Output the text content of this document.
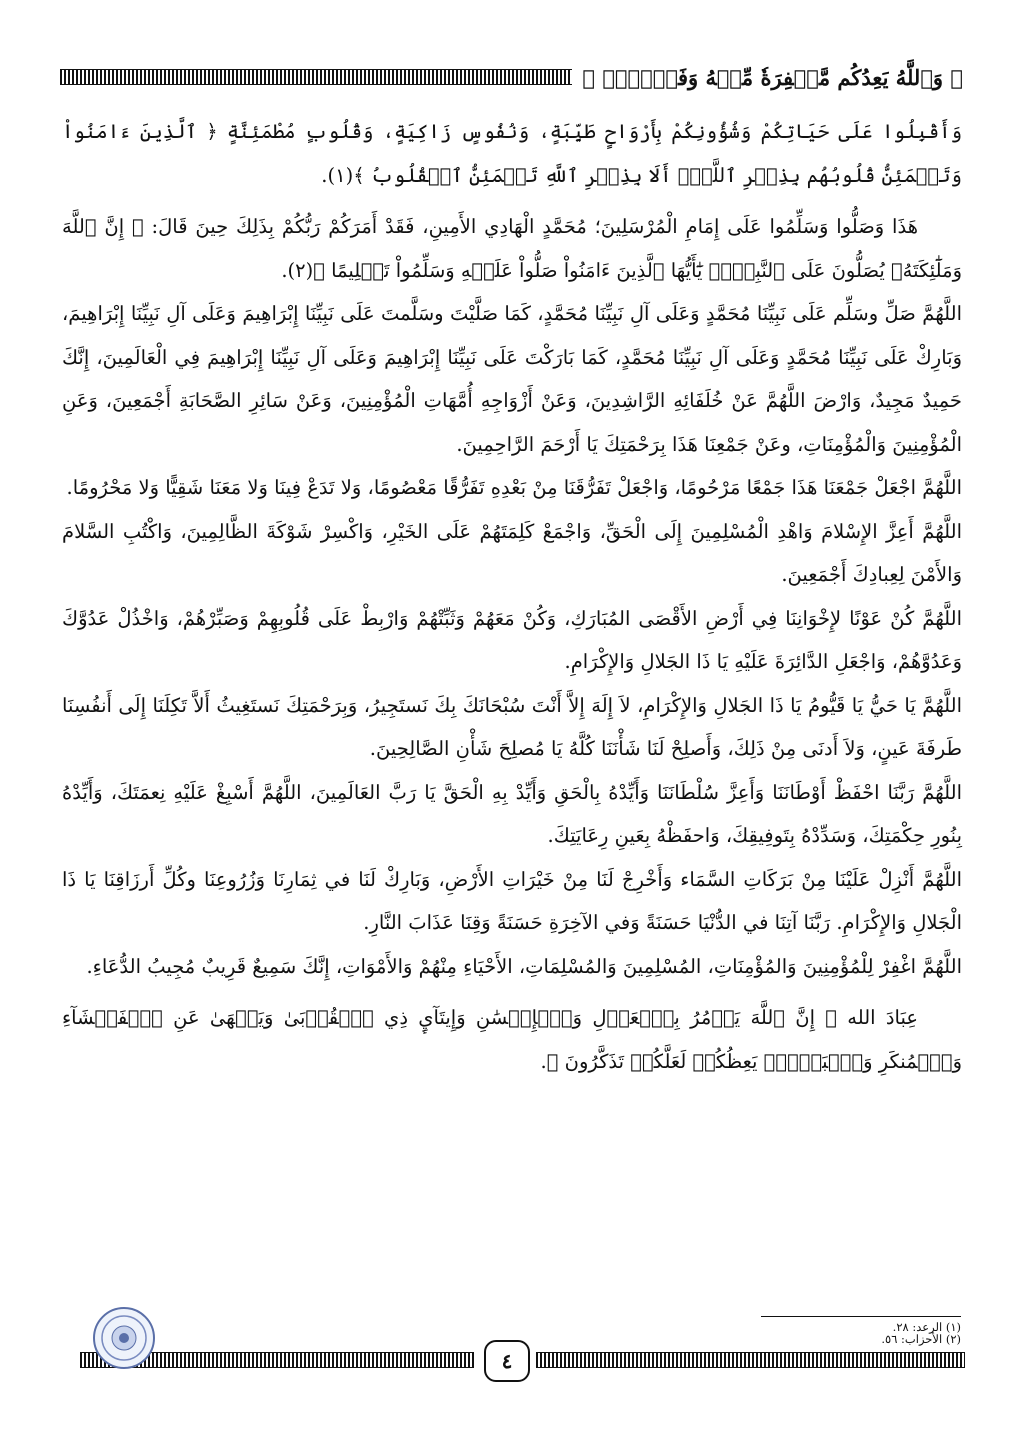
﴿ وَٱللَّهُ يَعِدُكُم مَّغۡفِرَةٗ مِّنۡهُ وَفَضۡلٗاۗ ﴾

وَأَقْبِلُوا عَلَى حَيَاتِكُمْ وَشُؤُونِكُمْ بِأَرْوَاحٍ طَيِّبَةٍ، وَنُفُوسٍ زَاكِيَةٍ، وَقُلُوبٍ مُطْمَئِنَّةٍ ﴿ ٱلَّذِينَ ءَامَنُواْ وَتَطۡمَئِنُّ قُلُوبُهُم بِذِكۡرِ ٱللَّهِۗ أَلَا بِذِكۡرِ ٱللَّهِ تَطۡمَئِنُّ ٱلۡقُلُوبُ ﴾(١).

هَذَا وَصَلُّوا وَسَلِّمُوا عَلَى إِمَامِ الْمُرْسَلِينَ؛ مُحَمَّدٍ الْهَادِي الأَمِينِ، فَقَدْ أَمَرَكُمْ رَبُّكُمْ بِذَلِكَ حِينَ قَالَ: ﴿ إِنَّ ٱللَّهَ وَمَلَٰٓئِكَتَهُۥ يُصَلُّونَ عَلَى ٱلنَّبِيِّۚ يَٰٓأَيُّهَا ٱلَّذِينَ ءَامَنُواْ صَلُّواْ عَلَيۡهِ وَسَلِّمُواْ تَسۡلِيمًا ﴾(٢).

اللَّهُمَّ صَلِّ وسَلِّم عَلَى نَبِيِّنَا مُحَمَّدٍ وَعَلَى آلِ نَبِيِّنَا مُحَمَّدٍ، كَمَا صَلَّيْتَ وسَلَّمتَ عَلَى نَبِيِّنَا إِبْرَاهِيمَ وَعَلَى آلِ نَبِيِّنَا إِبْرَاهِيمَ، وَبَارِكْ عَلَى نَبِيِّنَا مُحَمَّدٍ وَعَلَى آلِ نَبِيِّنَا مُحَمَّدٍ، كَمَا بَارَكْتَ عَلَى نَبِيِّنَا إِبْرَاهِيمَ وَعَلَى آلِ نَبِيِّنَا إِبْرَاهِيمَ فِي الْعَالَمِينَ، إِنَّكَ حَمِيدٌ مَجِيدٌ، وَارْضَ اللَّهُمَّ عَنْ خُلَفَائِهِ الرَّاشِدِينَ، وَعَنْ أَزْوَاجِهِ أُمَّهَاتِ الْمُؤْمِنِينَ، وَعَنْ سَائِرِ الصَّحَابَةِ أَجْمَعِينَ، وَعَنِ الْمُؤْمِنِينَ وَالْمُؤْمِنَاتِ، وعَنْ جَمْعِنَا هَذَا بِرَحْمَتِكَ يَا أَرْحَمَ الرَّاحِمِينَ.

اللَّهُمَّ اجْعَلْ جَمْعَنَا هَذَا جَمْعًا مَرْحُومًا، وَاجْعَلْ تَفَرُّقَنَا مِنْ بَعْدِهِ تَفَرُّقًا مَعْصُومًا، وَلا تَدَعْ فِينَا وَلا مَعَنَا شَقِيًّا وَلا مَحْرُومًا.

اللَّهُمَّ أَعِزَّ الإِسْلامَ وَاهْدِ الْمُسْلِمِينَ إِلَى الْحَقِّ، وَاجْمَعْ كَلِمَتَهُمْ عَلَى الخَيْرِ، وَاكْسِرْ شَوْكَةَ الظَّالِمِينَ، وَاكْتُبِ السَّلامَ وَالأَمْنَ لِعِبادِكَ أَجْمَعِينَ.

اللَّهُمَّ كُنْ عَوْنًا لإِخْوَانِنَا فِي أَرْضِ الأَقْصَى المُبَارَكِ، وَكُنْ مَعَهُمْ وَثَبِّتْهُمْ وَارْبِطْ عَلَى قُلُوبِهِمْ وَصَبِّرْهُمْ، وَاخْذُلْ عَدُوَّكَ وَعَدُوَّهُمْ، وَاجْعَلِ الدَّائِرَةَ عَلَيْهِ يَا ذَا الجَلالِ وَالإِكْرَامِ.

اللَّهُمَّ يَا حَيُّ يَا قَيُّومُ يَا ذَا الجَلالِ وَالإِكْرَامِ، لاَ إِلَهَ إِلاَّ أَنْتَ سُبْحَانَكَ بِكَ نَستَجِيرُ، وَبِرَحْمَتِكَ نَستَغِيثُ أَلاَّ تَكِلَنَا إِلَى أَنفُسِنَا طَرفَةَ عَينٍ، وَلاَ أَدنَى مِنْ ذَلِكَ، وَأَصلِحْ لَنَا شَأْنَنَا كُلَّهُ يَا مُصلِحَ شَأْنِ الصَّالِحِينَ.

اللَّهُمَّ رَبَّنَا احْفَظْ أَوْطَانَنَا وَأَعِزَّ سُلْطَانَنَا وَأَيِّدْهُ بِالْحَقِ وَأَيِّدْ بِهِ الْحَقَّ يَا رَبَّ العَالَمِينَ، اللَّهُمَّ أَسْبِغْ عَلَيْهِ نِعمَتَكَ، وَأَيِّدْهُ بِنُورِ حِكْمَتِكَ، وَسَدِّدْهُ بِتَوفِيقِكَ، وَاحفَظْهُ بِعَينِ رِعَايَتِكَ.

اللَّهُمَّ أَنْزِلْ عَلَيْنَا مِنْ بَرَكَاتِ السَّمَاء وَأَخْرِجْ لَنَا مِنْ خَيْرَاتِ الأَرْضِ، وَبَارِكْ لَنَا في ثِمَارِنَا وَزُرُوعِنَا وكُلِّ أَرزَاقِنَا يَا ذَا الْجَلالِ وَالإِكْرَامِ. رَبَّنَا آتِنَا في الدُّنْيَا حَسَنَةً وَفي الآخِرَةِ حَسَنَةً وَقِنَا عَذَابَ النَّارِ.

اللَّهُمَّ اغْفِرْ لِلْمُؤْمِنِينَ وَالمُؤْمِنَاتِ، المُسْلِمِينَ وَالمُسْلِمَاتِ، الأَحْيَاءِ مِنْهُمْ وَالأَمْوَاتِ، إِنَّكَ سَمِيعٌ قَرِيبٌ مُجِيبُ الدُّعَاءِ.

عِبَادَ الله ﴿ إِنَّ ٱللَّهَ يَأۡمُرُ بِٱلۡعَدۡلِ وَٱلۡإِحۡسَٰنِ وَإِيتَآيِٕ ذِي ٱلۡقُرۡبَىٰ وَيَنۡهَىٰ عَنِ ٱلۡفَحۡشَآءِ وَٱلۡمُنكَرِ وَٱلۡبَغۡيِۚ يَعِظُكُمۡ لَعَلَّكُمۡ تَذَكَّرُونَ ﴾.

(١) الرعد: ٢٨.
(٢) الأحزاب: ٥٦.
٤
